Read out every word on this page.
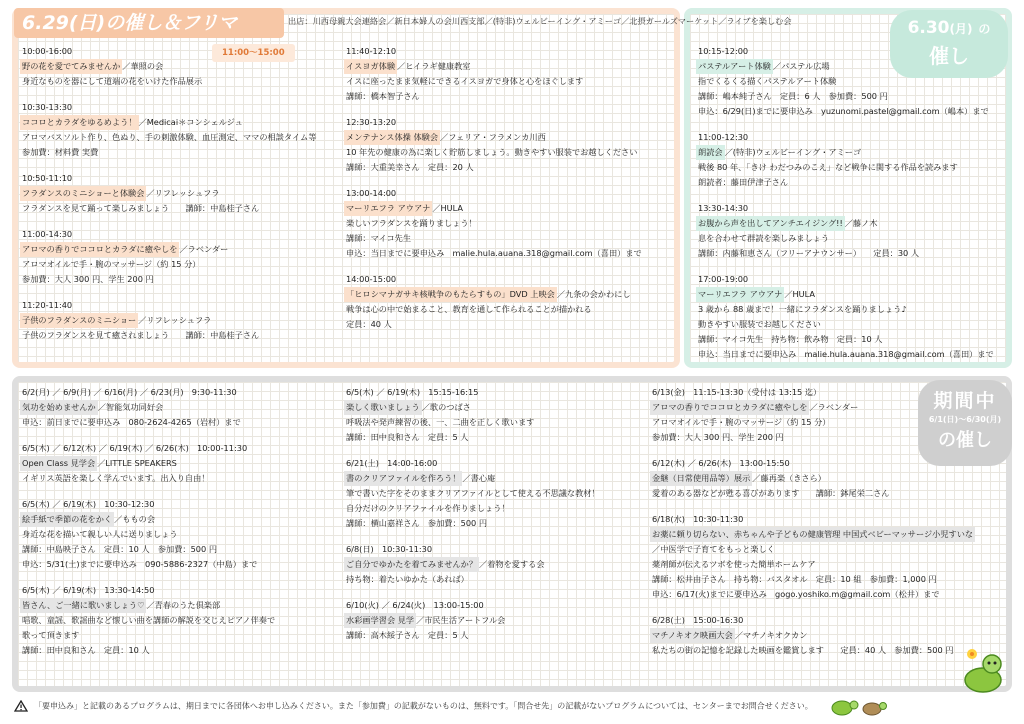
6.29(日)の催し＆フリマ	出店：川西母親大会連絡会／新日本婦人の会川西支部／(特非)ウェルビーイング・アミーゴ／北摂ガールズマーケット／ライブを楽しむ会
11:00～15:00
6.30(月) の
催し
期間中
6/1(日)～6/30(月)
の催し
10:00-16:00
野の花を愛でてみませんか ／華照の会
身近なものを器にして道端の花をいけた作品展示
10:30-13:30
ココロとカラダをゆるめよう！ ／Medicai＊コンシェルジュ
アロマバスソルト作り、色ぬり、手の刺激体験、血圧測定、ママの相談タイム等
参加費：材料費 実費
10:50-11:10
フラダンスのミニショーと体験会 ／リフレッシュフラ
フラダンスを見て踊って楽しみましょう　　講師：中島桂子さん
11:00-14:30
アロマの香りでココロとカラダに癒やしを ／ラベンダー
アロマオイルで手・腕のマッサージ（約 15 分）
参加費：大人 300 円、学生 200 円
11:20-11:40
子供のフラダンスのミニショー ／リフレッシュフラ
子供のフラダンスを見て癒されましょう　　講師：中島桂子さん
11:40-12:10
イスヨガ体験 ／ヒイラギ健康教室
イスに座ったまま気軽にできるイスヨガで身体と心をほぐします
講師：橋本智子さん
12:30-13:20
メンテナンス体操 体験会 ／フェリア・フラメンカ川西
10 年先の健康の為に楽しく貯筋しましょう。動きやすい服装でお越しください
講師：大重美幸さん　定員：20 人
13:00-14:00
マーリエフラ アウアナ ／HULA
楽しいフラダンスを踊りましょう！
講師：マイコ先生
申込：当日までに要申込み　malie.hula.auana.318@gmail.com（喜田）まで
14:00-15:00
「ヒロシマナガサキ核戦争のもたらすもの」DVD 上映会 ／九条の会かわにし
戦争は心の中で始まること、教育を通して作られることが描かれる
定員：40 人
10:15-12:00
パステルアート体験 ／パステル広場
指でくるくる描くパステルアート体験
講師：嶋本純子さん　定員：6 人　参加費：500 円
申込：6/29(日)までに要申込み　yuzunomi.pastel@gmail.com（嶋本）まで
11:00-12:30
朗読会 ／(特非)ウェルビーイング・アミーゴ
戦後 80 年、「きけ わだつみのこえ」など戦争に関する作品を読みます
朗読者：藤田伊津子さん
13:30-14:30
お腹から声を出してアンチエイジング!! ／藤ノ木
息を合わせて群読を楽しみましょう
講師：内藤和恵さん（フリーアナウンサー）　　定員：30 人
17:00-19:00
マーリエフラ アウアナ ／HULA
3 歳から 88 歳まで！一緒にフラダンスを踊りましょう♪
動きやすい服装でお越しください
講師：マイコ先生　持ち物：飲み物　定員：10 人
申込：当日までに要申込み　malie.hula.auana.318@gmail.com（喜田）まで
6/2(月) ／ 6/9(月) ／ 6/16(月) ／ 6/23(月)　9:30-11:30
気功を始めませんか ／智能気功同好会
申込：前日までに要申込み　080-2624-4265（岩村）まで
6/5(木) ／ 6/12(木) ／ 6/19(木) ／ 6/26(木)　10:00-11:30
Open Class 見学会 ／LITTLE SPEAKERS
イギリス英語を楽しく学んでいます。出入り自由！
6/5(木) ／ 6/19(木)　10:30-12:30
絵手紙で季節の花をかく ／ももの会
身近な花を描いて親しい人に送りましょう
講師：中島映子さん　定員：10 人　参加費：500 円
申込：5/31(土)までに要申込み　090-5886-2327（中島）まで
6/5(木) ／ 6/19(木)　13:30-14:50
皆さん、ご一緒に歌いましょう♡ ／青春のうた倶楽部
唱歌、童謡、歌謡曲など懐しい曲を講師の解説を交じえピアノ伴奏で
歌って頂きます
講師：田中良和さん　定員：10 人
6/5(木) ／ 6/19(木)　15:15-16:15
楽しく歌いましょう ／歌のつばさ
呼吸法や発声練習の後、一、二曲を正しく歌います
講師：田中良和さん　定員：5 人
6/21(土)　14:00-16:00
書のクリアファイルを作ろう！ ／書心庵
筆で書いた字をそのままクリアファイルとして使える不思議な教材！
自分だけのクリアファイルを作りましょう！
講師：横山嘉祥さん　参加費：500 円
6/8(日)　10:30-11:30
ご自分でゆかたを着てみませんか？ ／着物を愛する会
持ち物：着たいゆかた（あれば）
6/10(火) ／ 6/24(火)　13:00-15:00
水彩画学習会 見学 ／市民生活アートフル会
講師：高木綏子さん　定員：5 人
6/13(金)　11:15-13:30（受付は 13:15 迄）
アロマの香りでココロとカラダに癒やしを ／ラベンダー
アロマオイルで手・腕のマッサージ（約 15 分）
参加費：大人 300 円、学生 200 円
6/12(木) ／ 6/26(木)　13:00-15:50
金継（日常使用品等）展示 ／藤再楽（きさら）
愛着のある器などが甦る喜びがあります　　講師：鉢尾栄二さん
6/18(水)　10:30-11:30
お薬に頼り切らない、赤ちゃんや子どもの健康管理 中国式ベビーマッサージ小児すいな
／中医学で子育てをもっと楽しく
薬剤師が伝えるツボを使った簡単ホームケア
講師：松井由子さん　持ち物：バスタオル　定員：10 組　参加費：1,000 円
申込：6/17(火)までに要申込み　gogo.yoshiko.m@gmail.com（松井）まで
6/28(土)　15:00-16:30
マチノキオク映画大会 ／マチノキオクカン
私たちの街の記憶を記録した映画を鑑賞します　　定員：40 人　参加費：500 円
「要申込み」と記載のあるプログラムは、期日までに各団体へお申し込みください。また「参加費」の記載がないものは、無料です。「問合せ先」の記載がないプログラムについては、センターまでお問合せください。
